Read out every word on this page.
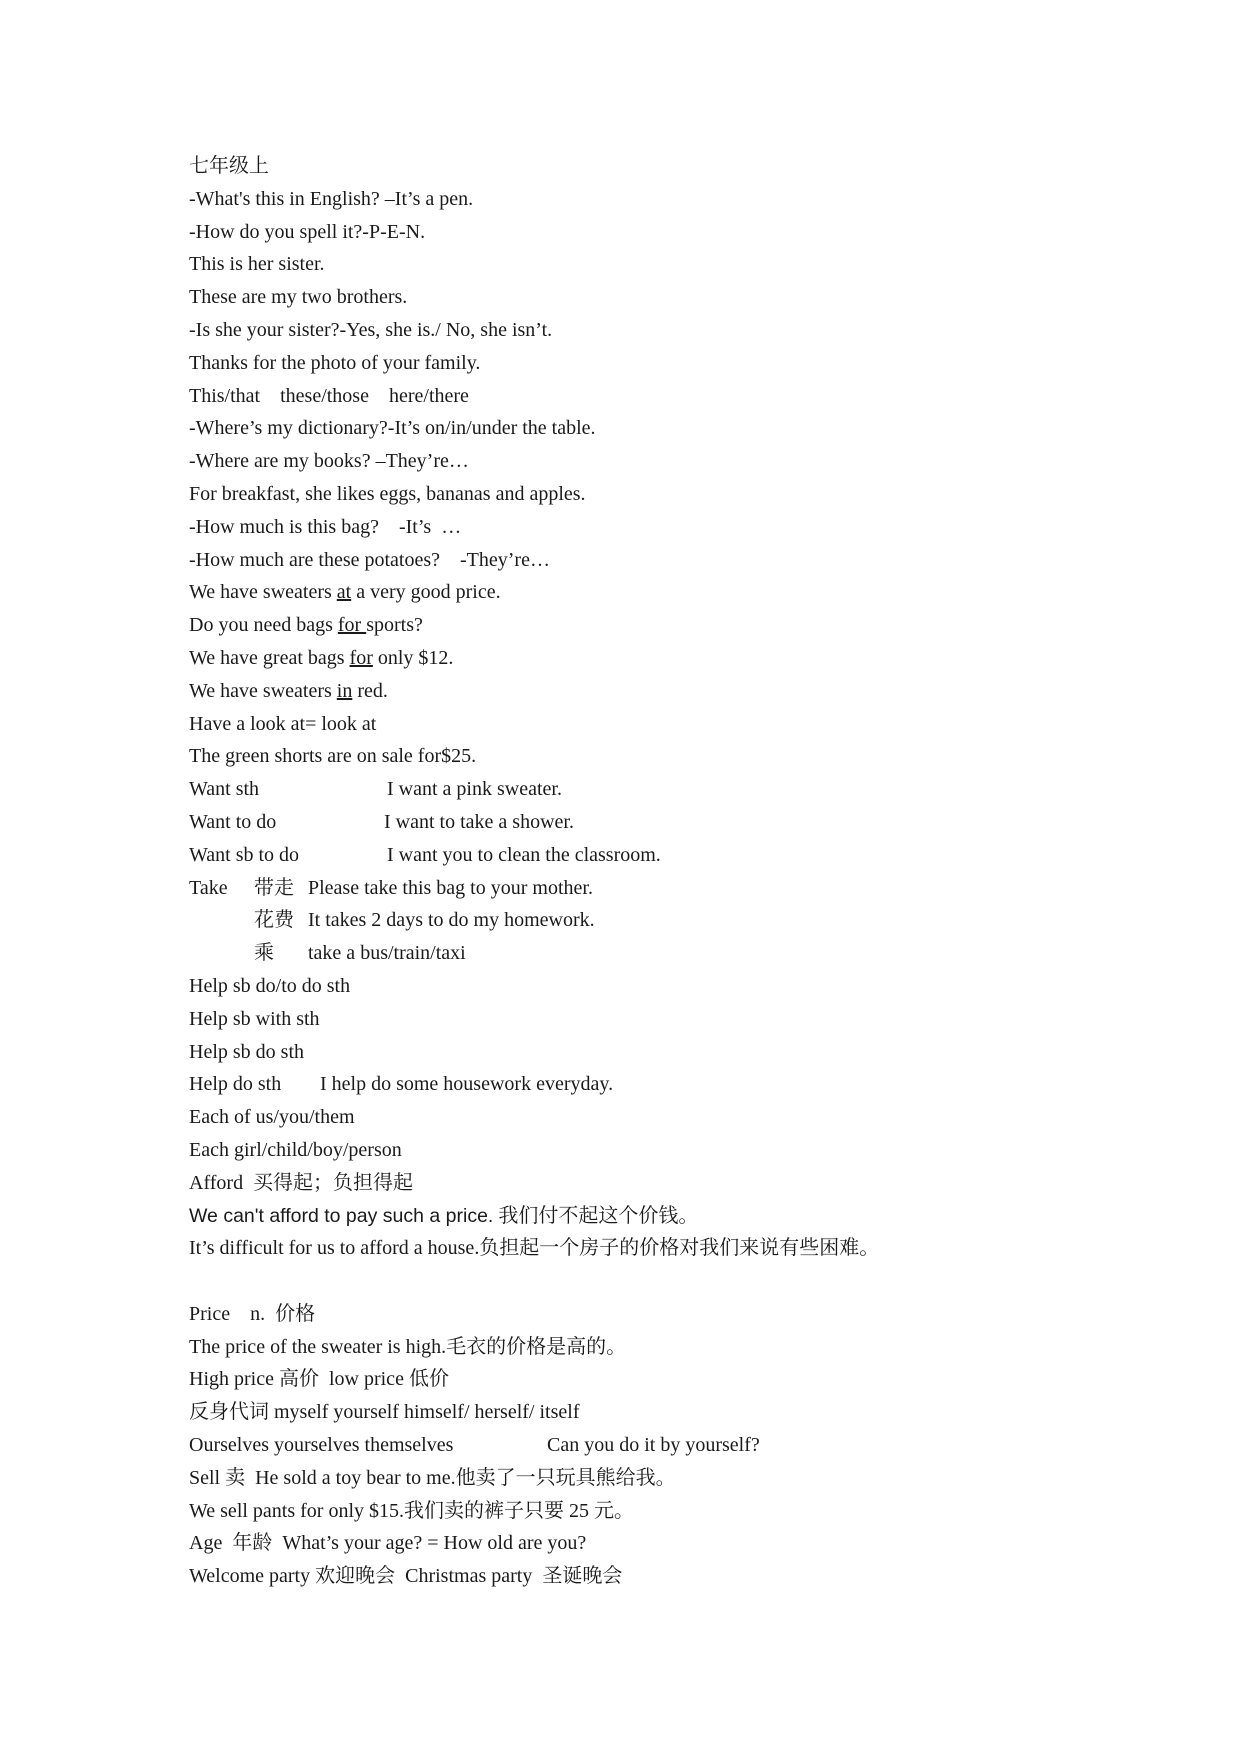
七年级上
-What's this in English? –It’s a pen.
-How do you spell it?-P-E-N.
This is her sister.
These are my two brothers.
-Is she your sister?-Yes, she is./ No, she isn’t.
Thanks for the photo of your family.
This/that    these/those    here/there
-Where’s my dictionary?-It’s on/in/under the table.
-Where are my books? –They’re…
For breakfast, she likes eggs, bananas and apples.
-How much is this bag?    -It’s  …
-How much are these potatoes?    -They’re…
We have sweaters at a very good price.
Do you need bags for sports?
We have great bags for only $12.
We have sweaters in red.
Have a look at= look at
The green shorts are on sale for$25.
Want sth	I want a pink sweater.
Want to do	I want to take a shower.
Want sb to do	I want you to clean the classroom.
Take 带走 Please take this bag to your mother.
花费 It takes 2 days to do my homework.
乘 take a bus/train/taxi
Help sb do/to do sth
Help sb with sth
Help sb do sth
Help do sth I help do some housework everyday.
Each of us/you/them
Each girl/child/boy/person
Afford  买得起；负担得起
We can't afford to pay such a price. 我们付不起这个价钱。
It’s difficult for us to afford a house.负担起一个房子的价格对我们来说有些困难。
Price    n.  价格
The price of the sweater is high.毛衣的价格是高的。
High price 高价  low price 低价
反身代词 myself yourself himself/ herself/ itself
Ourselves yourselves themselves	Can you do it by yourself?
Sell 卖  He sold a toy bear to me.他卖了一只玩具熊给我。
We sell pants for only $15.我们卖的裤子只要 25 元。
Age  年龄  What’s your age? = How old are you?
Welcome party 欢迎晚会  Christmas party  圣诞晚会
